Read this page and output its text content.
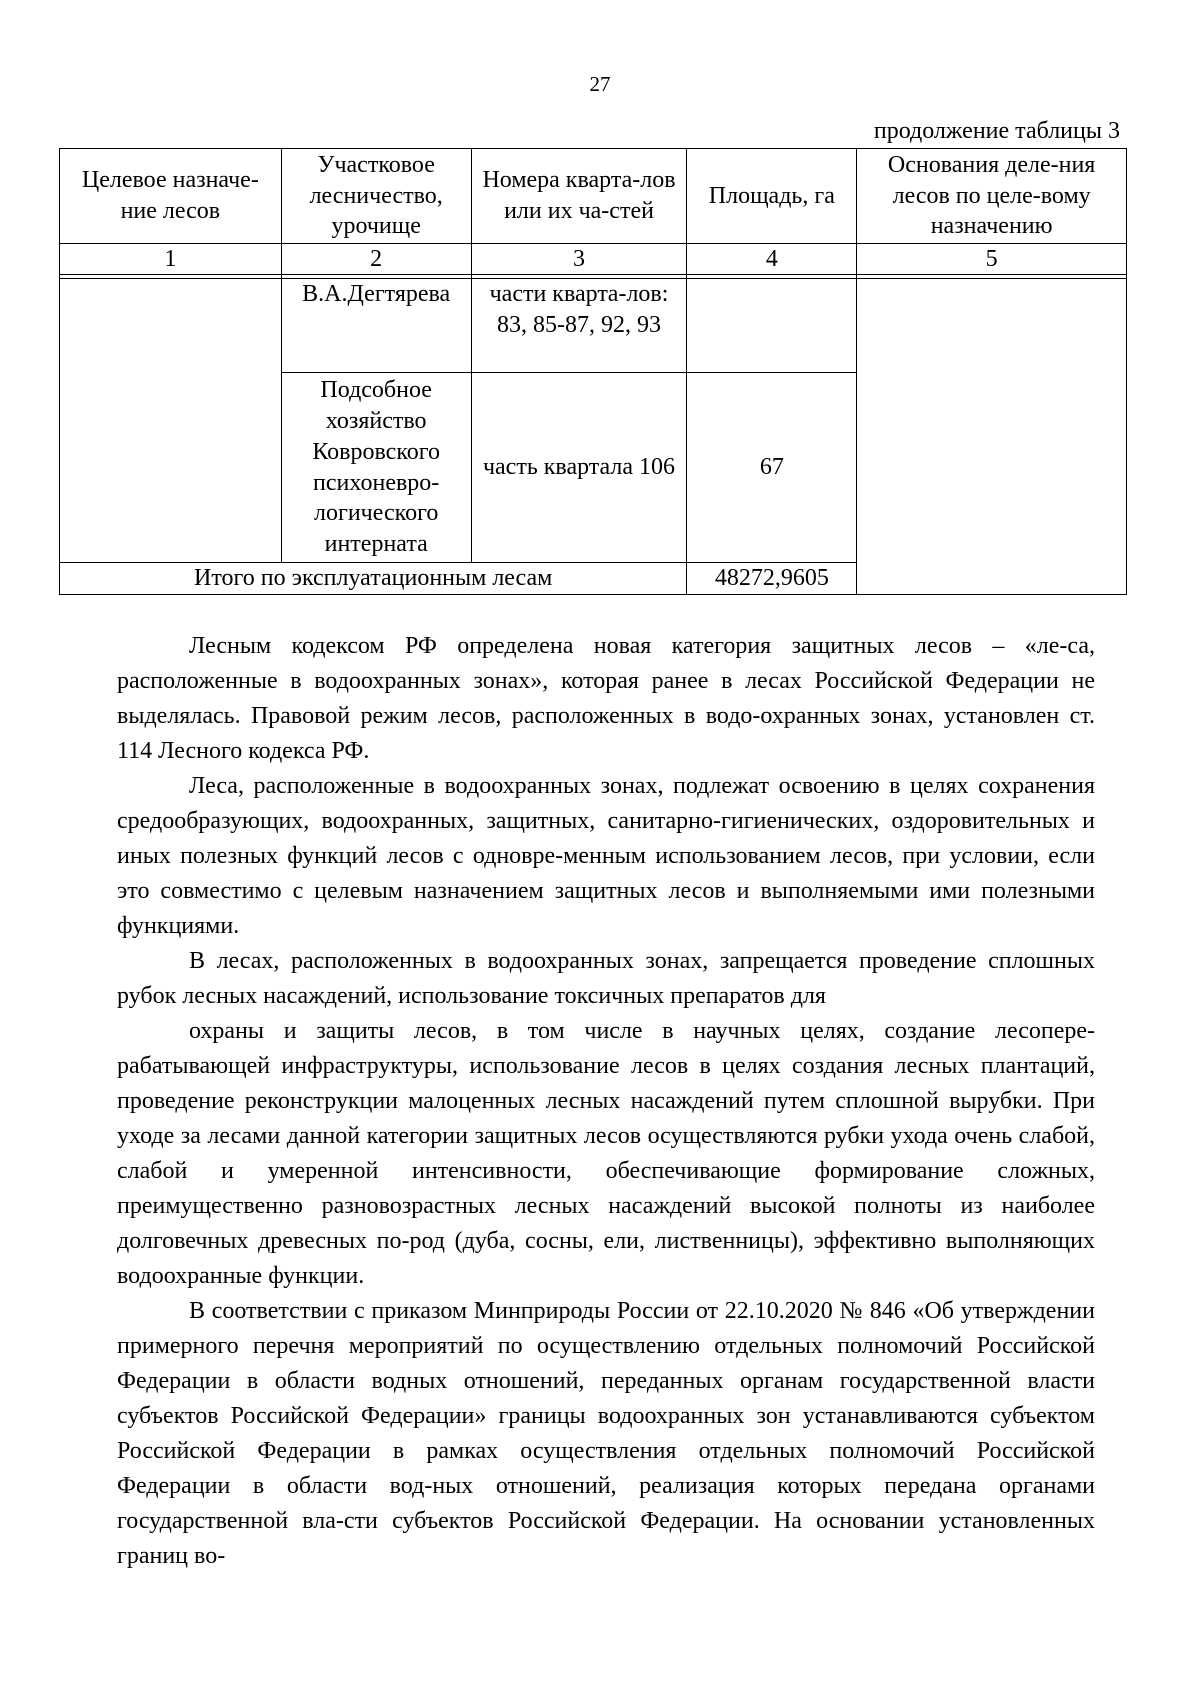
27
продолжение таблицы 3
Целевое назначе-ние лесов	Участковое лесничество, урочище	Номера кварта-лов или их ча-стей	Площадь, га	Основания деле-ния лесов по целе-вому назначению
1	2	3	4	5

	В.А.Дегтярева	части квартa-лов: 83, 85-87, 92, 93		
	Подсобное хозяйство Ковровского психоневро-логического интерната	часть квартала 106	67	
Итого по эксплуатационным лесам			48272,9605	

Лесным кодексом РФ определена новая категория защитных лесов – «ле-са, расположенные в водоохранных зонах», которая ранее в лесах Российской Федерации не выделялась. Правовой режим лесов, расположенных в водо-охранных зонах, установлен ст. 114 Лесного кодекса РФ.

Леса, расположенные в водоохранных зонах, подлежат освоению в целях сохранения средообразующих, водоохранных, защитных, санитарно-гигиенических, оздоровительных и иных полезных функций лесов с одновре-менным использованием лесов, при условии, если это совместимо с целевым назначением защитных лесов и выполняемыми ими полезными функциями.

В лесах, расположенных в водоохранных зонах, запрещается проведение сплошных рубок лесных насаждений, использование токсичных препаратов для

охраны и защиты лесов, в том числе в научных целях, создание лесопере-рабатывающей инфраструктуры, использование лесов в целях создания лесных плантаций, проведение реконструкции малоценных лесных насаждений путем сплошной вырубки. При уходе за лесами данной категории защитных лесов осуществляются рубки ухода очень слабой, слабой и умеренной интенсивности, обеспечивающие формирование сложных, преимущественно разновозрастных лесных насаждений высокой полноты из наиболее долговечных древесных по-род (дуба, сосны, ели, лиственницы), эффективно выполняющих водоохранные функции.

В соответствии с приказом Минприроды России от 22.10.2020 № 846 «Об утверждении примерного перечня мероприятий по осуществлению отдельных полномочий Российской Федерации в области водных отношений, переданных органам государственной власти субъектов Российской Федерации» границы водоохранных зон устанавливаются субъектом Российской Федерации в рамках осуществления отдельных полномочий Российской Федерации в области вод-ных отношений, реализация которых передана органами государственной вла-сти субъектов Российской Федерации. На основании установленных границ во-
